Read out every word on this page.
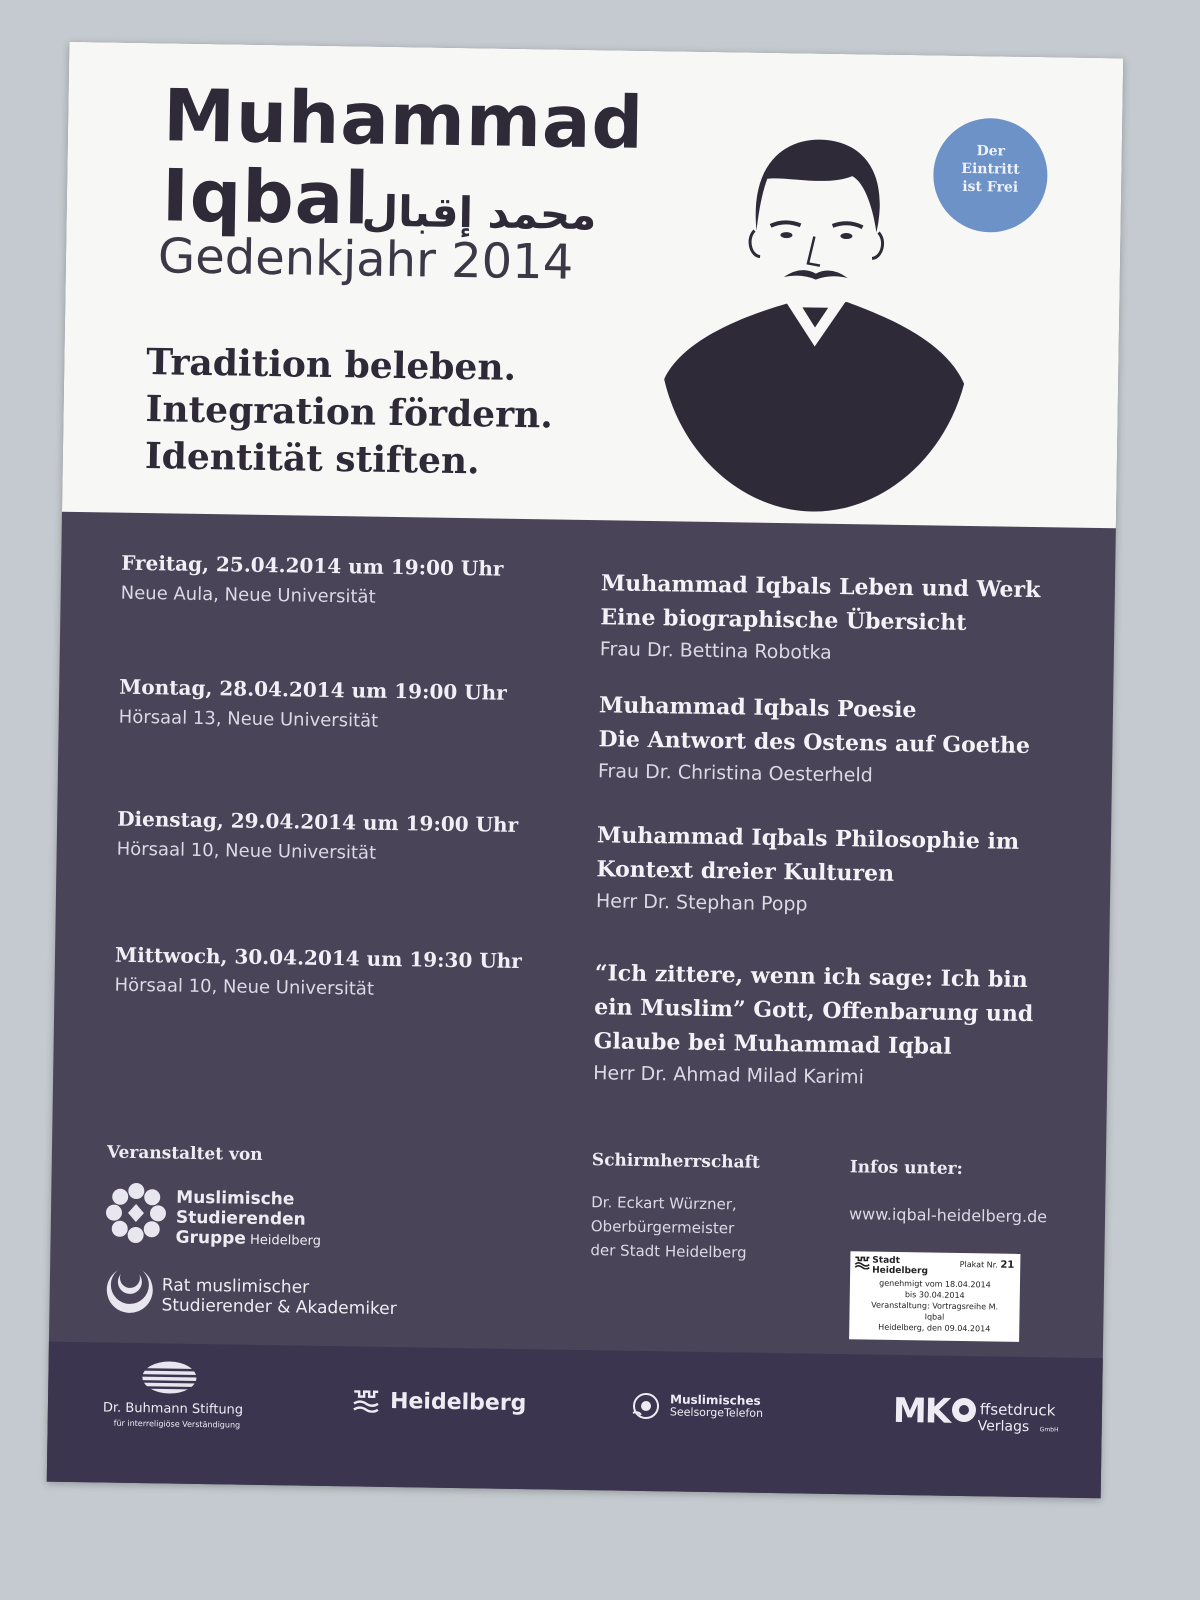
Muhammad
Iqbal
محمد إقبال
Gedenkjahr 2014
Tradition beleben.
Integration fördern.
Identität stiften.
Der
Eintritt
ist Frei
Freitag, 25.04.2014 um 19:00 Uhr
Neue Aula, Neue Universität	Muhammad Iqbals Leben und Werk
Eine biographische Übersicht
Frau Dr. Bettina Robotka
Montag, 28.04.2014 um 19:00 Uhr
Hörsaal 13, Neue Universität	Muhammad Iqbals Poesie
Die Antwort des Ostens auf Goethe
Frau Dr. Christina Oesterheld
Dienstag, 29.04.2014 um 19:00 Uhr
Hörsaal 10, Neue Universität	Muhammad Iqbals Philosophie im
Kontext dreier Kulturen
Herr Dr. Stephan Popp
Mittwoch, 30.04.2014 um 19:30 Uhr
Hörsaal 10, Neue Universität	“Ich zittere, wenn ich sage: Ich bin
ein Muslim” Gott, Offenbarung und
Glaube bei Muhammad Iqbal
Herr Dr. Ahmad Milad Karimi
Veranstaltet von
Muslimische
Studierenden
Gruppe Heidelberg
Rat muslimischer
Studierender & Akademiker
Schirmherrschaft
Dr. Eckart Würzner,
Oberbürgermeister
der Stadt Heidelberg
Infos unter:
www.iqbal-heidelberg.de
Stadt Heidelberg
Plakat Nr. 21
genehmigt vom 18.04.2014
bis 30.04.2014
Veranstaltung: Vortragsreihe M.
Iqbal
Heidelberg, den 09.04.2014
Dr. Buhmann Stiftung
für interreligiöse Verständigung
Heidelberg	Muslimisches
SeelsorgeTelefon	MK ffsetdruck
Verlags GmbH
